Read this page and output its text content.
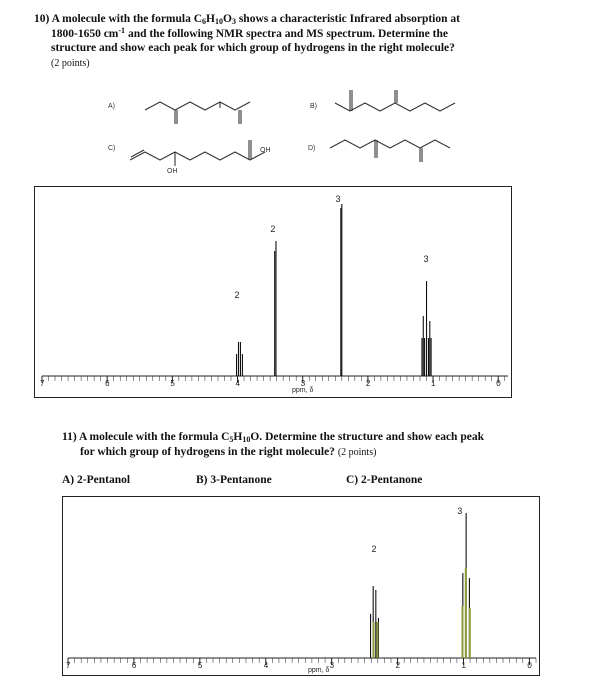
10) A molecule with the formula $C_6H_{10}O_3$ shows a characteristic Infrared absorption at
1800-1650 $cm^{-1}$ and the following NMR spectra and MS spectrum. Determine the
structure and show each peak for which group of hydrogens in the right molecule?
(2 points)
A)	B)
C)	D)
OH
OH
7	6	5	4	3	2	1	0
2
2
3
3
ppm, δ
11) A molecule with the formula $C_5H_{10}O$. Determine the structure and show each peak
for which group of hydrogens in the right molecule? (2 points)
A) 2-Pentanol	B) 3-Pentanone	C) 2-Pentanone
7	6	5	4	3	2	1	0
3
2
ppm, δ
